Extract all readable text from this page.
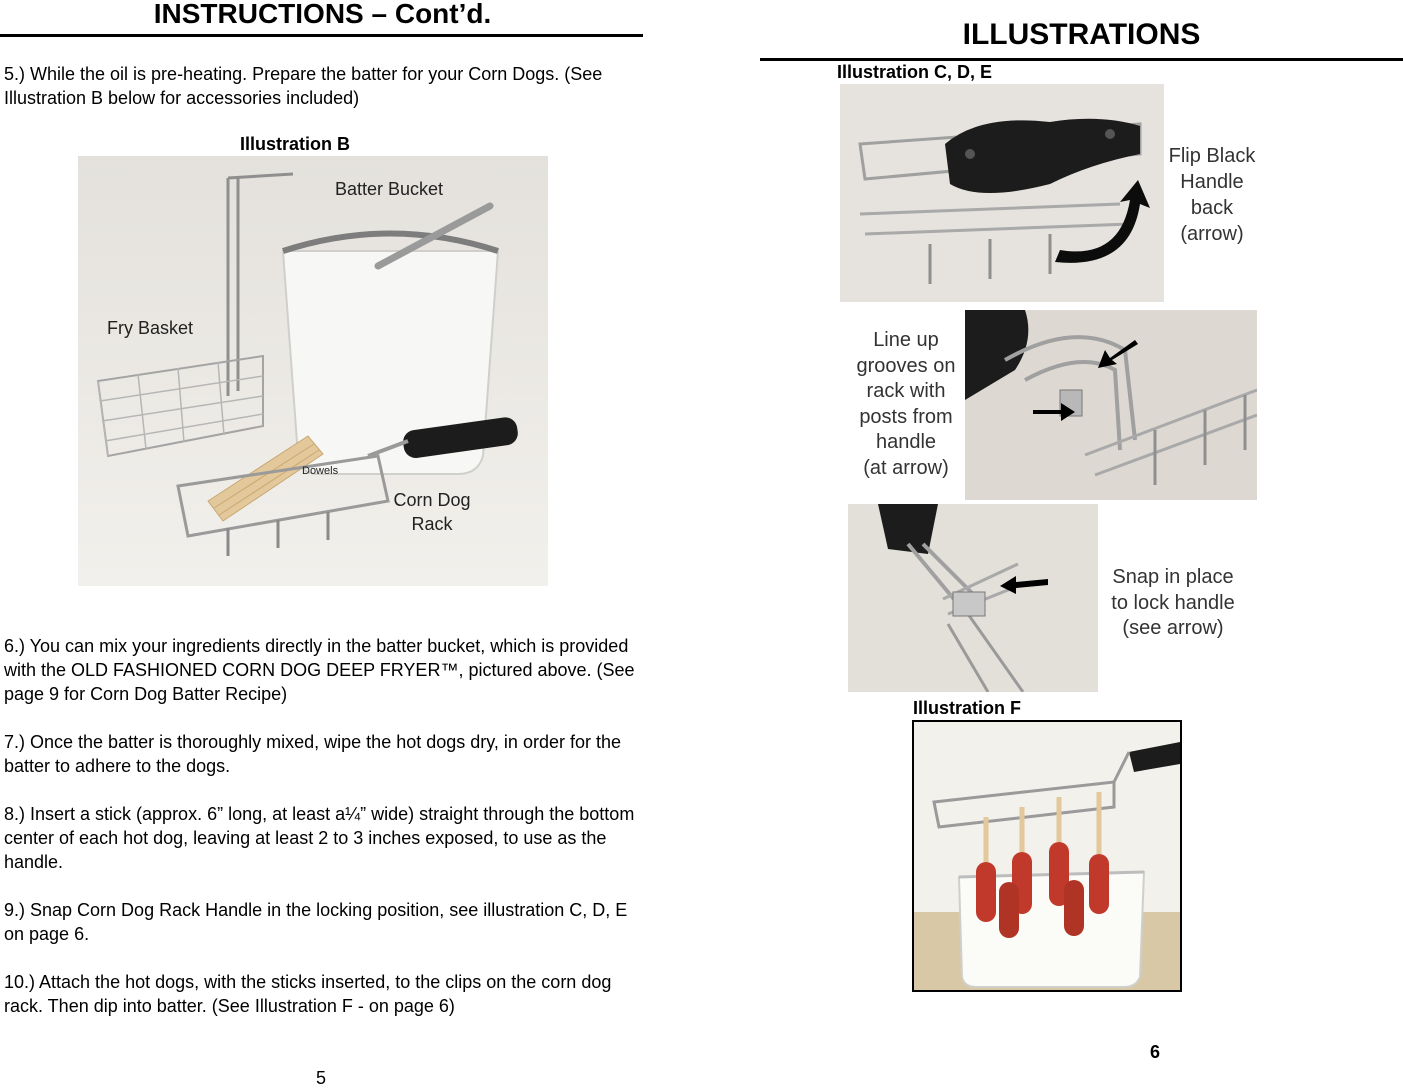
INSTRUCTIONS – Cont’d.

5.) While the oil is pre-heating. Prepare the batter for your Corn Dogs. (See Illustration B below for accessories included)

Illustration B
Batter Bucket
Fry Basket
Dowels
Corn Dog
Rack

6.) You can mix your ingredients directly in the batter bucket, which is provided with the OLD FASHIONED CORN DOG DEEP FRYER™, pictured above. (See page 9 for Corn Dog Batter Recipe)

7.) Once the batter is thoroughly mixed, wipe the hot dogs dry, in order for the batter to adhere to the dogs.

8.) Insert a stick (approx. 6” long, at least a¼” wide) straight through the bottom center of each hot dog, leaving at least 2 to 3 inches exposed, to use as the handle.

9.) Snap Corn Dog Rack Handle in the locking position, see illustration C, D, E on page 6.

10.) Attach the hot dogs, with the sticks inserted, to the clips on the corn dog rack. Then dip into batter. (See Illustration F - on page 6)

5
ILLUSTRATIONS
Illustration C, D, E
Flip Black
Handle
back
(arrow)
Line up
grooves on
rack with
posts from
handle
(at arrow)
Snap in place
to lock handle
(see arrow)
Illustration F
6
